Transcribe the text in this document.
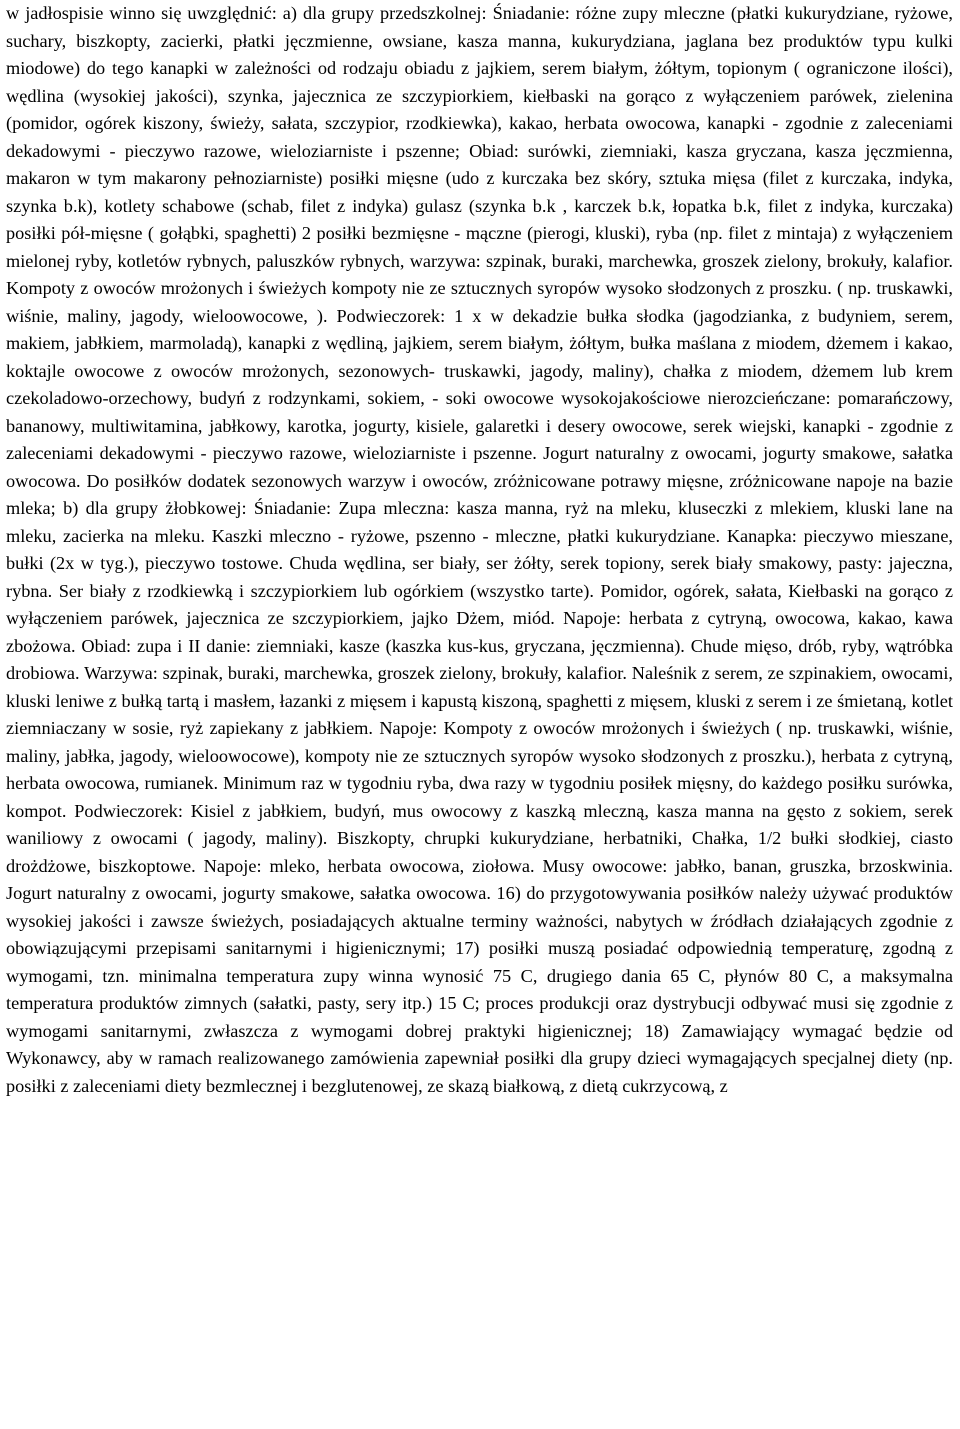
w jadłospisie winno się uwzględnić: a) dla grupy przedszkolnej: Śniadanie: różne zupy mleczne (płatki kukurydziane, ryżowe, suchary, biszkopty, zacierki, płatki jęczmienne, owsiane, kasza manna, kukurydziana, jaglana bez produktów typu kulki miodowe) do tego kanapki w zależności od rodzaju obiadu z jajkiem, serem białym, żółtym, topionym ( ograniczone ilości), wędlina (wysokiej jakości), szynka, jajecznica ze szczypiorkiem, kiełbaski na gorąco z wyłączeniem parówek, zielenina (pomidor, ogórek kiszony, świeży, sałata, szczypior, rzodkiewka), kakao, herbata owocowa, kanapki - zgodnie z zaleceniami dekadowymi - pieczywo razowe, wieloziarniste i pszenne; Obiad: surówki, ziemniaki, kasza gryczana, kasza jęczmienna, makaron w tym makarony pełnoziarniste) posiłki mięsne (udo z kurczaka bez skóry, sztuka mięsa (filet z kurczaka, indyka, szynka b.k), kotlety schabowe (schab, filet z indyka) gulasz (szynka b.k , karczek b.k, łopatka b.k, filet z indyka, kurczaka) posiłki pół-mięsne ( gołąbki, spaghetti) 2 posiłki bezmięsne - mączne (pierogi, kluski), ryba (np. filet z mintaja) z wyłączeniem mielonej ryby, kotletów rybnych, paluszków rybnych, warzywa: szpinak, buraki, marchewka, groszek zielony, brokuły, kalafior. Kompoty z owoców mrożonych i świeżych kompoty nie ze sztucznych syropów wysoko słodzonych z proszku. ( np. truskawki, wiśnie, maliny, jagody, wieloowocowe, ). Podwieczorek: 1 x w dekadzie bułka słodka (jagodzianka, z budyniem, serem, makiem, jabłkiem, marmoladą), kanapki z wędliną, jajkiem, serem białym, żółtym, bułka maślana z miodem, dżemem i kakao, koktajle owocowe z owoców mrożonych, sezonowych- truskawki, jagody, maliny), chałka z miodem, dżemem lub krem czekoladowo-orzechowy, budyń z rodzynkami, sokiem, - soki owocowe wysokojakościowe nierozcieńczane: pomarańczowy, bananowy, multiwitamina, jabłkowy, karotka, jogurty, kisiele, galaretki i desery owocowe, serek wiejski, kanapki - zgodnie z zaleceniami dekadowymi - pieczywo razowe, wieloziarniste i pszenne. Jogurt naturalny z owocami, jogurty smakowe, sałatka owocowa. Do posiłków dodatek sezonowych warzyw i owoców, zróżnicowane potrawy mięsne, zróżnicowane napoje na bazie mleka; b) dla grupy żłobkowej: Śniadanie: Zupa mleczna: kasza manna, ryż na mleku, kluseczki z mlekiem, kluski lane na mleku, zacierka na mleku. Kaszki mleczno - ryżowe, pszenno - mleczne, płatki kukurydziane. Kanapka: pieczywo mieszane, bułki (2x w tyg.), pieczywo tostowe. Chuda wędlina, ser biały, ser żółty, serek topiony, serek biały smakowy, pasty: jajeczna, rybna. Ser biały z rzodkiewką i szczypiorkiem lub ogórkiem (wszystko tarte). Pomidor, ogórek, sałata, Kiełbaski na gorąco z wyłączeniem parówek, jajecznica ze szczypiorkiem, jajko Dżem, miód. Napoje: herbata z cytryną, owocowa, kakao, kawa zbożowa. Obiad: zupa i II danie: ziemniaki, kasze (kaszka kus-kus, gryczana, jęczmienna). Chude mięso, drób, ryby, wątróbka drobiowa. Warzywa: szpinak, buraki, marchewka, groszek zielony, brokuły, kalafior. Naleśnik z serem, ze szpinakiem, owocami, kluski leniwe z bułką tartą i masłem, łazanki z mięsem i kapustą kiszoną, spaghetti z mięsem, kluski z serem i ze śmietaną, kotlet ziemniaczany w sosie, ryż zapiekany z jabłkiem. Napoje: Kompoty z owoców mrożonych i świeżych ( np. truskawki, wiśnie, maliny, jabłka, jagody, wieloowocowe), kompoty nie ze sztucznych syropów wysoko słodzonych z proszku.), herbata z cytryną, herbata owocowa, rumianek. Minimum raz w tygodniu ryba, dwa razy w tygodniu posiłek mięsny, do każdego posiłku surówka, kompot. Podwieczorek: Kisiel z jabłkiem, budyń, mus owocowy z kaszką mleczną, kasza manna na gęsto z sokiem, serek waniliowy z owocami ( jagody, maliny). Biszkopty, chrupki kukurydziane, herbatniki, Chałka, 1/2 bułki słodkiej, ciasto drożdżowe, biszkoptowe. Napoje: mleko, herbata owocowa, ziołowa. Musy owocowe: jabłko, banan, gruszka, brzoskwinia. Jogurt naturalny z owocami, jogurty smakowe, sałatka owocowa. 16) do przygotowywania posiłków należy używać produktów wysokiej jakości i zawsze świeżych, posiadających aktualne terminy ważności, nabytych w źródłach działających zgodnie z obowiązującymi przepisami sanitarnymi i higienicznymi; 17) posiłki muszą posiadać odpowiednią temperaturę, zgodną z wymogami, tzn. minimalna temperatura zupy winna wynosić 75 C, drugiego dania 65 C, płynów 80 C, a maksymalna temperatura produktów zimnych (sałatki, pasty, sery itp.) 15 C; proces produkcji oraz dystrybucji odbywać musi się zgodnie z wymogami sanitarnymi, zwłaszcza z wymogami dobrej praktyki higienicznej; 18) Zamawiający wymagać będzie od Wykonawcy, aby w ramach realizowanego zamówienia zapewniał posiłki dla grupy dzieci wymagających specjalnej diety (np. posiłki z zaleceniami diety bezmlecznej i bezglutenowej, ze skazą białkową, z dietą cukrzycową, z
